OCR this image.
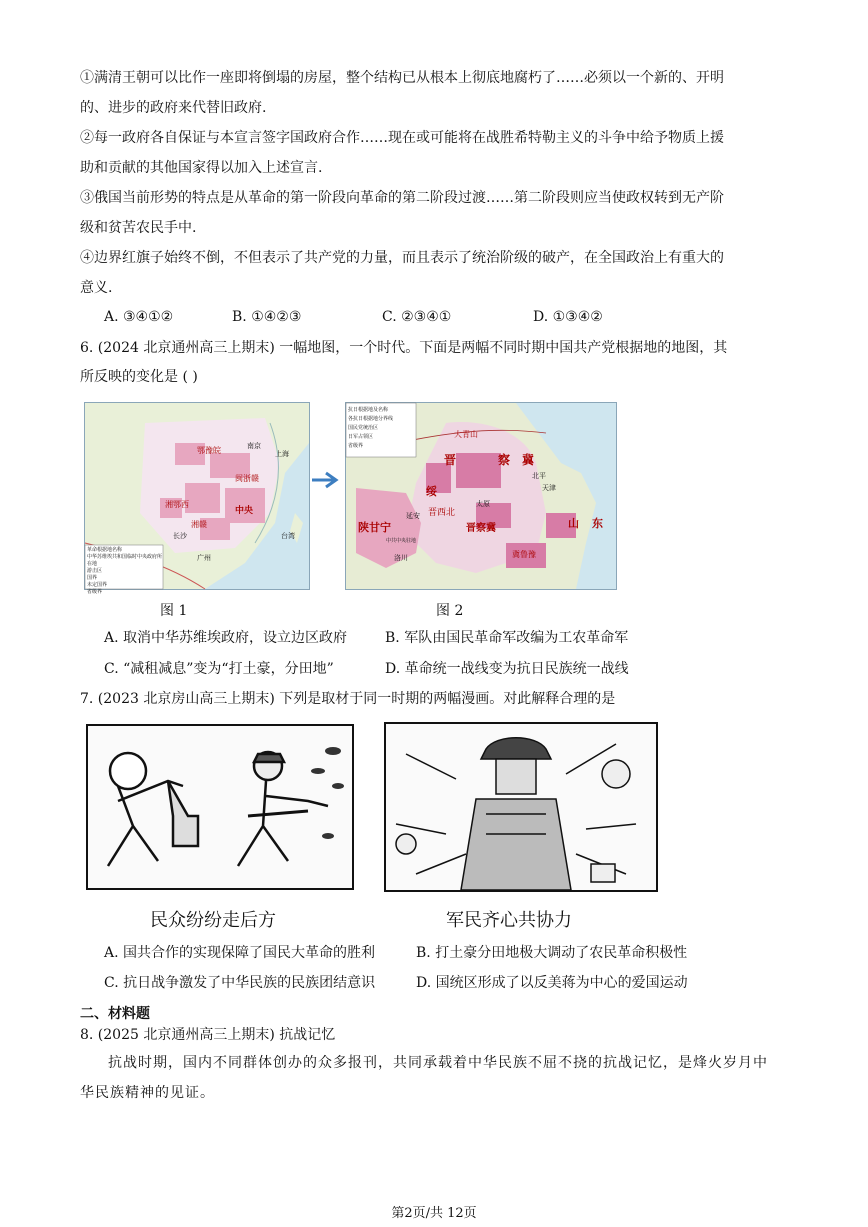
①满清王朝可以比作一座即将倒塌的房屋，整个结构已从根本上彻底地腐朽了……必须以一个新的、开明
的、进步的政府来代替旧政府.
②每一政府各自保证与本宣言签字国政府合作……现在或可能将在战胜希特勒主义的斗争中给予物质上援
助和贡献的其他国家得以加入上述宣言.
③俄国当前形势的特点是从革命的第一阶段向革命的第二阶段过渡……第二阶段则应当使政权转到无产阶
级和贫苦农民手中.
④边界红旗子始终不倒，不但表示了共产党的力量，而且表示了统治阶级的破产，在全国政治上有重大的
意义.
A. ③④①②	B. ①④②③	C. ②③④①	D. ①③④②
6. (2024 北京通州高三上期末) 一幅地图，一个时代。下面是两幅不同时期中国共产党根据地的地图，其
所反映的变化是 ( )
鄂豫皖
湘鄂西
湘赣
中央
闽浙赣
南京
上海
长沙
广州
台湾
革命根据地名称
中华苏维埃共和国临时中央政府所在地
游击区
国界
未定国界
省级界
抗日根据地及名称
各抗日根据地分界线
国民党统治区
日军占领区
省级界
大青山
晋	察 冀
绥
晋西北
陕甘宁
延安
晋察冀
冀鲁豫
山 东
北平
天津
太原
洛川
中共中央驻地
图 1	图 2
A. 取消中华苏维埃政府，设立边区政府	B. 军队由国民革命军改编为工农革命军
C. “减租减息”变为“打土豪，分田地”	D. 革命统一战线变为抗日民族统一战线
7. (2023 北京房山高三上期末) 下列是取材于同一时期的两幅漫画。对此解释合理的是
民众纷纷走后方	军民齐心共协力
A. 国共合作的实现保障了国民大革命的胜利	B. 打土豪分田地极大调动了农民革命积极性
C. 抗日战争激发了中华民族的民族团结意识	D. 国统区形成了以反美蒋为中心的爱国运动
二、材料题
8. (2025 北京通州高三上期末) 抗战记忆
抗战时期，国内不同群体创办的众多报刊，共同承载着中华民族不屈不挠的抗战记忆，是烽火岁月中
华民族精神的见证。
第2页/共 12页
